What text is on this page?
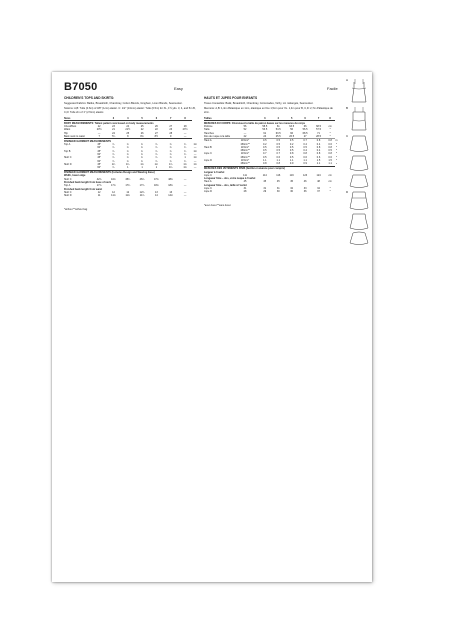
B7050	Easy	Facile
CHILDREN'S TOPS AND SKIRTS:
Suggested Fabrics: Batiks, Broadcloth, Chambray, Cotton Blends, Gingham, Linen Blends, Seersucker.
Notions: A,B: Tulle (0.6m) of 3/8" (1cm) elastic. C: 1/2" (13mm) elastic: Tulle (0.5m) for XL, 1½ yds. 3, 4, and 5m B, C,D: Tulle 2m of 1" (2.5cm) elastic.
Sizes		3	4	5	6	7	8	
BODY MEASUREMENTS: Tallest pattern size based on body measurements								
Chest/Bust	22	23	24	25	26	27	28	
Waist	20½	21	21½	22	22	23	23½	
Hip	—	24	25	26	27	28	—	
Back neck to waist	7	7¾	8	8¼	8½	9	—	
FINISHED GARMENT MEASUREMENTS								
Top A	45"	¾	¾	¾	¾	¾	¾	1¼
	60"	¾	¾	¾	¾	¾	¾	—
Top B	45"	¾	¾	¾	¾	¾	¾	1¼
	60"	¾	¾	¾	¾	¾	¾	—
Skirt C	45"	¾	¾	¾	¾	¾	1	1¼
	60"	¾	¾	¾	¾	¾	¾	—
Skirt D	45"	1¼	1¼	1¼	1¼	1¾	1¾	1¾
	60"	¾	1	1	1	1¼	1¼	—
FINISHED GARMENT MEASUREMENTS (Includes Design and Wearing Ease)								
Width, lower edge								
Skirt C	42¾	44¾	45¾	46¾	47¾	48¾	—	
Finished back length from base of neck								
Top A	17¾	17¾	17¾	17¾	18¼	18¾	—	
Finished back length from waist								
Skirt C	12	12	12	12¾	13	13	—	
Skirt D	11	11¼	11¾	11¾	14	14¼	—	
*without **without bag
HAUTS ET JUPES POUR ENFANTS
Tissus Conseillés: Batik, Broadcloth, Chambray, Cotonnades, Vichy, Lin mélangés, Seersucker.
Mercerie: A,B: 1,4m d'Elastique en 1cm, élastique en fine 1,5cm pour XL. 1,4m pour B, C,D: 2,7m d'Elastique de 2cm.
Tailles		3	4	5	6	7	8	
MESURES DU CORPS: Choisissez la taille du patron basée sur les mesures du corps								
Poitrine	56	58.5	61	63.5	66	68.5	cm	
Taille	52	53.5	54.5	56	56.5	57.5	*	
Hanches	—	61	63.5	66	68.5	71	*	
Dos de nuque à la taille	22	24	25.5	26.5	27	28.5	*	

Haut A	115cm*	0.5	0.5	0.5	0.7	0.8	0.8	m
	150cm**	0.2	0.5	0.2	0.4	0.4	0.6	*
Haut B	115cm*	0.5	0.5	0.5	0.5	0.8	0.8	*
	150cm**	0.5	0.5	0.5	0.4	0.4	0.5	*
Jupe C	115cm*	0.7	0.7	0.8	0.8	0.8	0.8	*
	150cm**	0.5	0.6	0.5	0.6	0.6	0.6	*
Jupe D	115cm*	1.1	1.1	1.1	1.1	1.5	1.5	*
	150cm**	0.8	0.8	0.9	0.9	1.1	1.1	*
MESURES DES VÊTEMENTS FINIS (facilité et aisance pour compris)								
Largeur à l'ourlet								
Jupe C	111	114	116	119	123	124	cm	
Longueur finie – dos, votre nuque à l'ourlet								
Haut A	45	45	45	45	46	48	cm	
Longueur finie – dos, taille à l'ourlet								
Jupe C	31	31	31	32	33	34	*	
Jupe D	28	29	30	30	36	37	*	
*avec duvet **sans duvet
A
B
C
D
